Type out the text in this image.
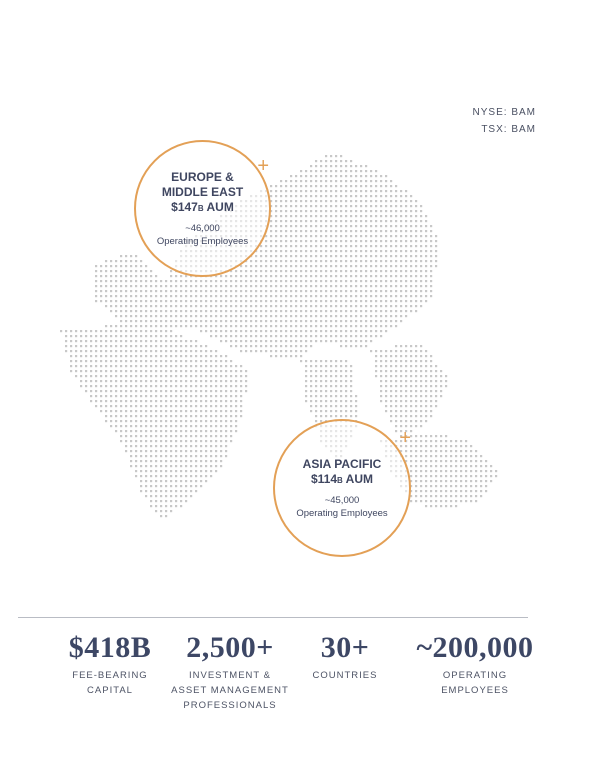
NYSE: BAM
TSX: BAM
+
EUROPE &
MIDDLE EAST
$147B AUM
~46,000
Operating Employees
+
ASIA PACIFIC
$114B AUM
~45,000
Operating Employees
$418B
FEE-BEARING
CAPITAL
2,500+
INVESTMENT &
ASSET MANAGEMENT
PROFESSIONALS
30+
COUNTRIES
~200,000
OPERATING
EMPLOYEES
